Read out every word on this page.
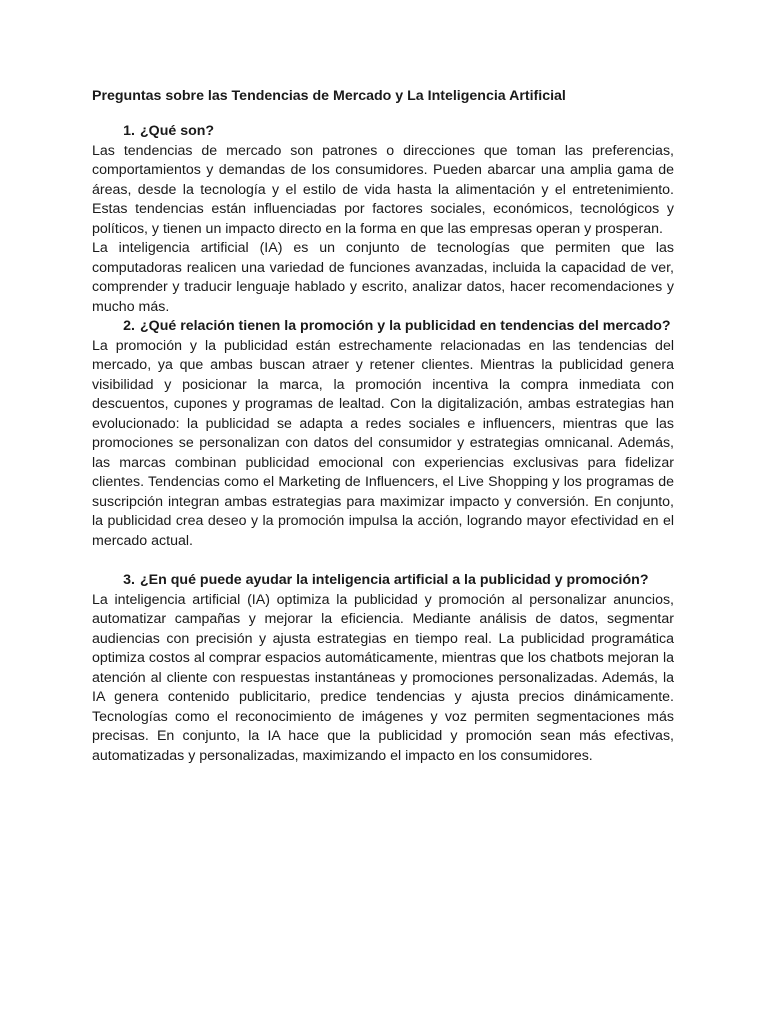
Preguntas sobre las Tendencias de Mercado y La Inteligencia Artificial
1. ¿Qué son?

Las tendencias de mercado son patrones o direcciones que toman las preferencias, comportamientos y demandas de los consumidores. Pueden abarcar una amplia gama de áreas, desde la tecnología y el estilo de vida hasta la alimentación y el entretenimiento. Estas tendencias están influenciadas por factores sociales, económicos, tecnológicos y políticos, y tienen un impacto directo en la forma en que las empresas operan y prosperan.

La inteligencia artificial (IA) es un conjunto de tecnologías que permiten que las computadoras realicen una variedad de funciones avanzadas, incluida la capacidad de ver, comprender y traducir lenguaje hablado y escrito, analizar datos, hacer recomendaciones y mucho más.

2. ¿Qué relación tienen la promoción y la publicidad en tendencias del mercado?

La promoción y la publicidad están estrechamente relacionadas en las tendencias del mercado, ya que ambas buscan atraer y retener clientes. Mientras la publicidad genera visibilidad y posicionar la marca, la promoción incentiva la compra inmediata con descuentos, cupones y programas de lealtad. Con la digitalización, ambas estrategias han evolucionado: la publicidad se adapta a redes sociales e influencers, mientras que las promociones se personalizan con datos del consumidor y estrategias omnicanal. Además, las marcas combinan publicidad emocional con experiencias exclusivas para fidelizar clientes. Tendencias como el Marketing de Influencers, el Live Shopping y los programas de suscripción integran ambas estrategias para maximizar impacto y conversión. En conjunto, la publicidad crea deseo y la promoción impulsa la acción, logrando mayor efectividad en el mercado actual.

3. ¿En qué puede ayudar la inteligencia artificial a la publicidad y promoción?

La inteligencia artificial (IA) optimiza la publicidad y promoción al personalizar anuncios, automatizar campañas y mejorar la eficiencia. Mediante análisis de datos, segmentar audiencias con precisión y ajusta estrategias en tiempo real. La publicidad programática optimiza costos al comprar espacios automáticamente, mientras que los chatbots mejoran la atención al cliente con respuestas instantáneas y promociones personalizadas. Además, la IA genera contenido publicitario, predice tendencias y ajusta precios dinámicamente. Tecnologías como el reconocimiento de imágenes y voz permiten segmentaciones más precisas. En conjunto, la IA hace que la publicidad y promoción sean más efectivas, automatizadas y personalizadas, maximizando el impacto en los consumidores.
